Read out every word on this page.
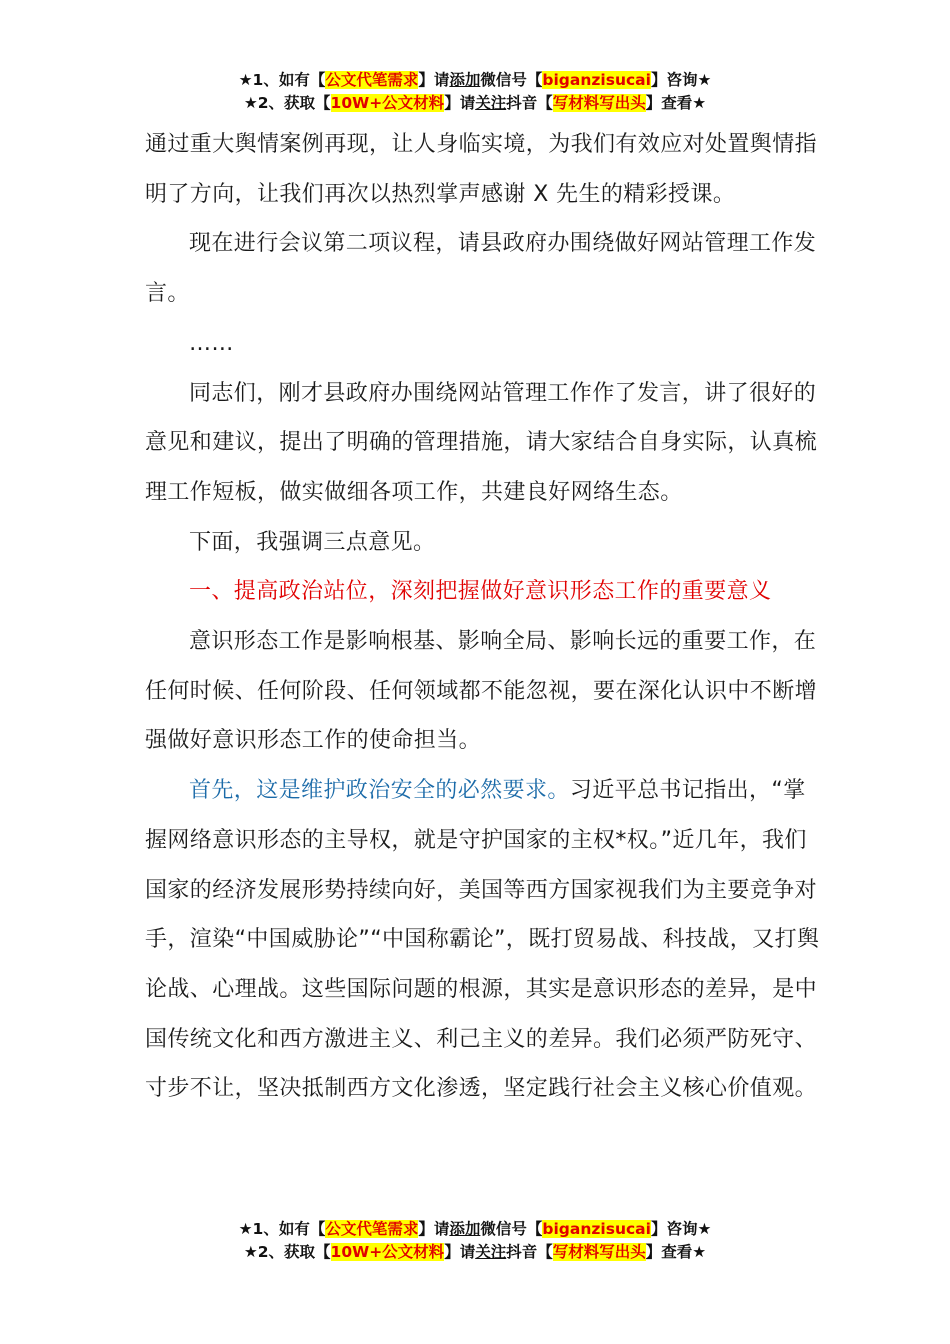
★1、如有【公文代笔需求】请添加微信号【biganzisucai】咨询★
★2、获取【10W+公文材料】请关注抖音【写材料写出头】查看★

通过重大舆情案例再现，让人身临实境，为我们有效应对处置舆情指明了方向，让我们再次以热烈掌声感谢 X 先生的精彩授课。

现在进行会议第二项议程，请县政府办围绕做好网站管理工作发言。

……

同志们，刚才县政府办围绕网站管理工作作了发言，讲了很好的意见和建议，提出了明确的管理措施，请大家结合自身实际，认真梳理工作短板，做实做细各项工作，共建良好网络生态。

下面，我强调三点意见。

一、提高政治站位，深刻把握做好意识形态工作的重要意义

意识形态工作是影响根基、影响全局、影响长远的重要工作，在任何时候、任何阶段、任何领域都不能忽视，要在深化认识中不断增强做好意识形态工作的使命担当。

首先，这是维护政治安全的必然要求。习近平总书记指出，“掌握网络意识形态的主导权，就是守护国家的主权*权。”近几年，我们国家的经济发展形势持续向好，美国等西方国家视我们为主要竞争对手，渲染“中国威胁论”“中国称霸论”，既打贸易战、科技战，又打舆论战、心理战。这些国际问题的根源，其实是意识形态的差异，是中国传统文化和西方激进主义、利己主义的差异。我们必须严防死守、寸步不让，坚决抵制西方文化渗透，坚定践行社会主义核心价值观。

★1、如有【公文代笔需求】请添加微信号【biganzisucai】咨询★
★2、获取【10W+公文材料】请关注抖音【写材料写出头】查看★
